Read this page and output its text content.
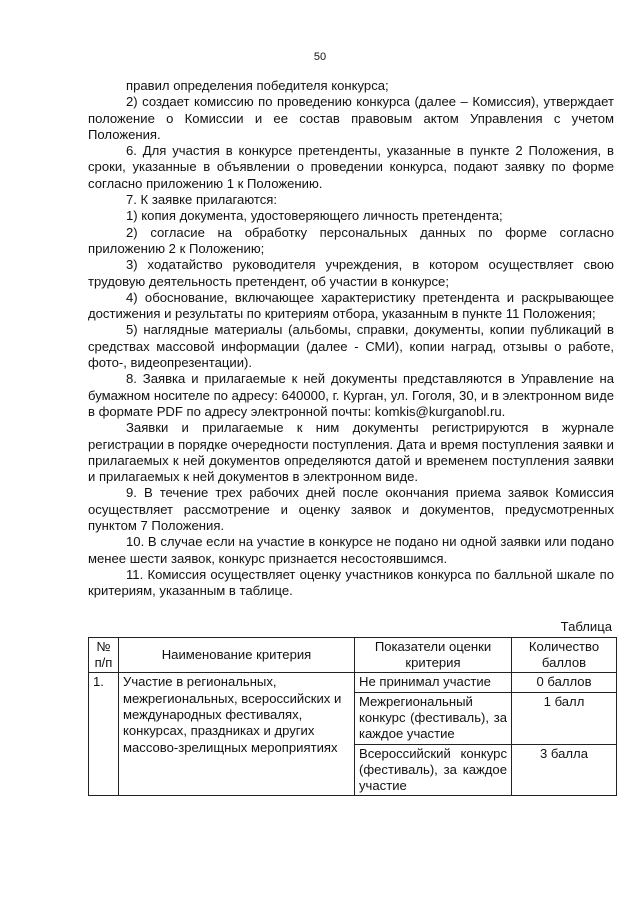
50

правил определения победителя конкурса;

2) создает комиссию по проведению конкурса (далее – Комиссия), утверждает положение о Комиссии и ее состав правовым актом Управления с учетом Положения.

6. Для участия в конкурсе претенденты, указанные в пункте 2 Положения, в сроки, указанные в объявлении о проведении конкурса, подают заявку по форме согласно приложению 1 к Положению.

7. К заявке прилагаются:

1) копия документа, удостоверяющего личность претендента;

2) согласие на обработку персональных данных по форме согласно приложению 2 к Положению;

3) ходатайство руководителя учреждения, в котором осуществляет свою трудовую деятельность претендент, об участии в конкурсе;

4) обоснование, включающее характеристику претендента и раскрывающее достижения и результаты по критериям отбора, указанным в пункте 11 Положения;

5) наглядные материалы (альбомы, справки, документы, копии публикаций в средствах массовой информации (далее - СМИ), копии наград, отзывы о работе, фото-, видеопрезентации).

8. Заявка и прилагаемые к ней документы представляются в Управление на бумажном носителе по адресу: 640000, г. Курган, ул. Гоголя, 30, и в электронном виде в формате PDF по адресу электронной почты: komkis@kurganobl.ru.

Заявки и прилагаемые к ним документы регистрируются в журнале регистрации в порядке очередности поступления. Дата и время поступления заявки и прилагаемых к ней документов определяются датой и временем поступления заявки и прилагаемых к ней документов в электронном виде.

9. В течение трех рабочих дней после окончания приема заявок Комиссия осуществляет рассмотрение и оценку заявок и документов, предусмотренных пунктом 7 Положения.

10. В случае если на участие в конкурсе не подано ни одной заявки или подано менее шести заявок, конкурс признается несостоявшимся.

11. Комиссия осуществляет оценку участников конкурса по балльной шкале по критериям, указанным в таблице.

Таблица
№ п/п	Наименование критерия	Показатели оценки критерия	Количество баллов
1.	Участие в региональных, межрегиональных, всероссийских и международных фестивалях, конкурсах, праздниках и других массово-зрелищных мероприятиях	Не принимал участие	0 баллов
		Межрегиональный конкурс (фестиваль), за каждое участие	1 балл
		Всероссийский конкурс (фестиваль), за каждое участие	3 балла
